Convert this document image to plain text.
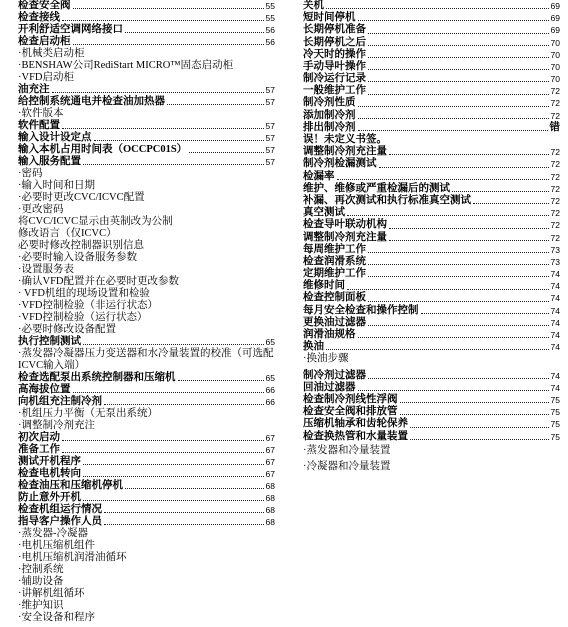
检查安全阀	55
检查接线	55
开利舒适空调网络接口	56
检查启动柜	56
·机械类启动柜
·BENSHAW公司RediStart MICRO™固态启动柜
·VFD启动柜
油充注	57
给控制系统通电并检查油加热器	57
·软件版本
软件配置	57
输入设计设定点	57
输入本机占用时间表（OCCPC01S）	57
输入服务配置	57
·密码
·输入时间和日期
·必要时更改CVC/ICVC配置
·更改密码
将CVC/ICVC显示由英制改为公制
修改语言（仅ICVC）
必要时修改控制器识别信息
·必要时输入设备服务参数
·设置服务表
·确认VFD配置并在必要时更改参数
· VFD机组的现场设置和检验
·VFD控制检验（非运行状态）
·VFD控制检验（运行状态）
·必要时修改设备配置
执行控制测试	65
·蒸发器冷凝器压力变送器和水冷量装置的校准（可选配
ICVC输入端）
检查选配泵出系统控制器和压缩机	65
高海拔位置	66
向机组充注制冷剂	66
·机组压力平衡（无泵出系统）
·调整制冷剂充注
初次启动	67
准备工作	67
测试开机程序	67
检查电机转向	67
检查油压和压缩机停机	68
防止意外开机	68
检查机组运行情况	68
指导客户操作人员	68
·蒸发器-冷凝器
·电机压缩机组件
·电机压缩机润滑油循环
·控制系统
·辅助设备
·讲解机组循环
·维护知识
·安全设备和程序
关机	69
短时间停机	69
长期停机准备	69
长期停机之后	70
冷天时的操作	70
手动导叶操作	70
制冷运行记录	70
一般维护工作	72
制冷剂性质	72
添加制冷剂	72
排出制冷剂	错
误！未定义书签。
调整制冷剂充注量	72
制冷剂检漏测试	72
检漏率	72
维护、维修或严重检漏后的测试	72
补漏、再次测试和执行标准真空测试	72
真空测试	72
检查导叶联动机构	72
调整制冷剂充注量	72
每周维护工作	73
检查润滑系统	73
定期维护工作	74
维修时间	74
检查控制面板	74
每月安全检查和操作控制	74
更换油过滤器	74
润滑油规格	74
换油	74
·换油步骤
制冷剂过滤器	74
回油过滤器	74
检查制冷剂线性浮阀	75
检查安全阀和排放管	75
压缩机轴承和齿轮保养	75
检查换热管和水量装置	75
·蒸发器和冷量装置
·冷凝器和冷量装置
